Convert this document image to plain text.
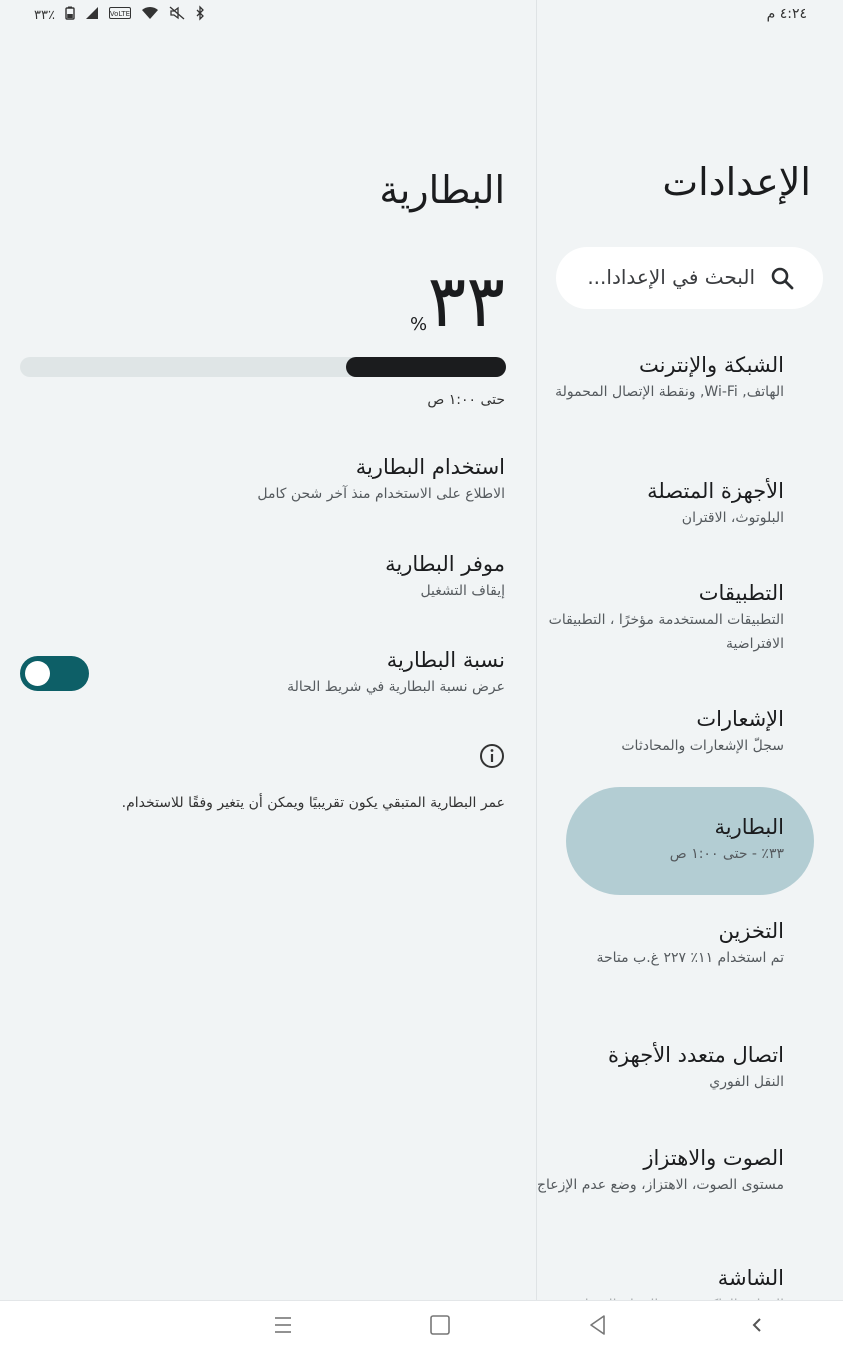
٤:٢٤ م
٣٣٪	VoLTE
الإعدادات
البحث في الإعدادا...
الشبكة والإنترنت
الهاتف, Wi-Fi, ونقطة الإتصال المحمولة
الأجهزة المتصلة
البلوتوث، الاقتران
التطبيقات
التطبيقات المستخدمة مؤخرًا ، التطبيقات الافتراضية
الإشعارات
سجلّ الإشعارات والمحادثات
البطارية
٣٣٪ - حتى ١:٠٠ ص
التخزين
تم استخدام ١١٪ ٢٢٧ غ.ب متاحة
اتصال متعدد الأجهزة
النقل الفوري
الصوت والاهتزاز
مستوى الصوت، الاهتزاز، وضع عدم الإزعاج
الشاشة
البطارية
٣٣
%
حتى ١:٠٠ ص
استخدام البطارية
الاطلاع على الاستخدام منذ آخر شحن كامل
موفر البطارية
إيقاف التشغيل
نسبة البطارية
عرض نسبة البطارية في شريط الحالة
عمر البطارية المتبقي يكون تقريبيًا ويمكن أن يتغير وفقًا للاستخدام.
